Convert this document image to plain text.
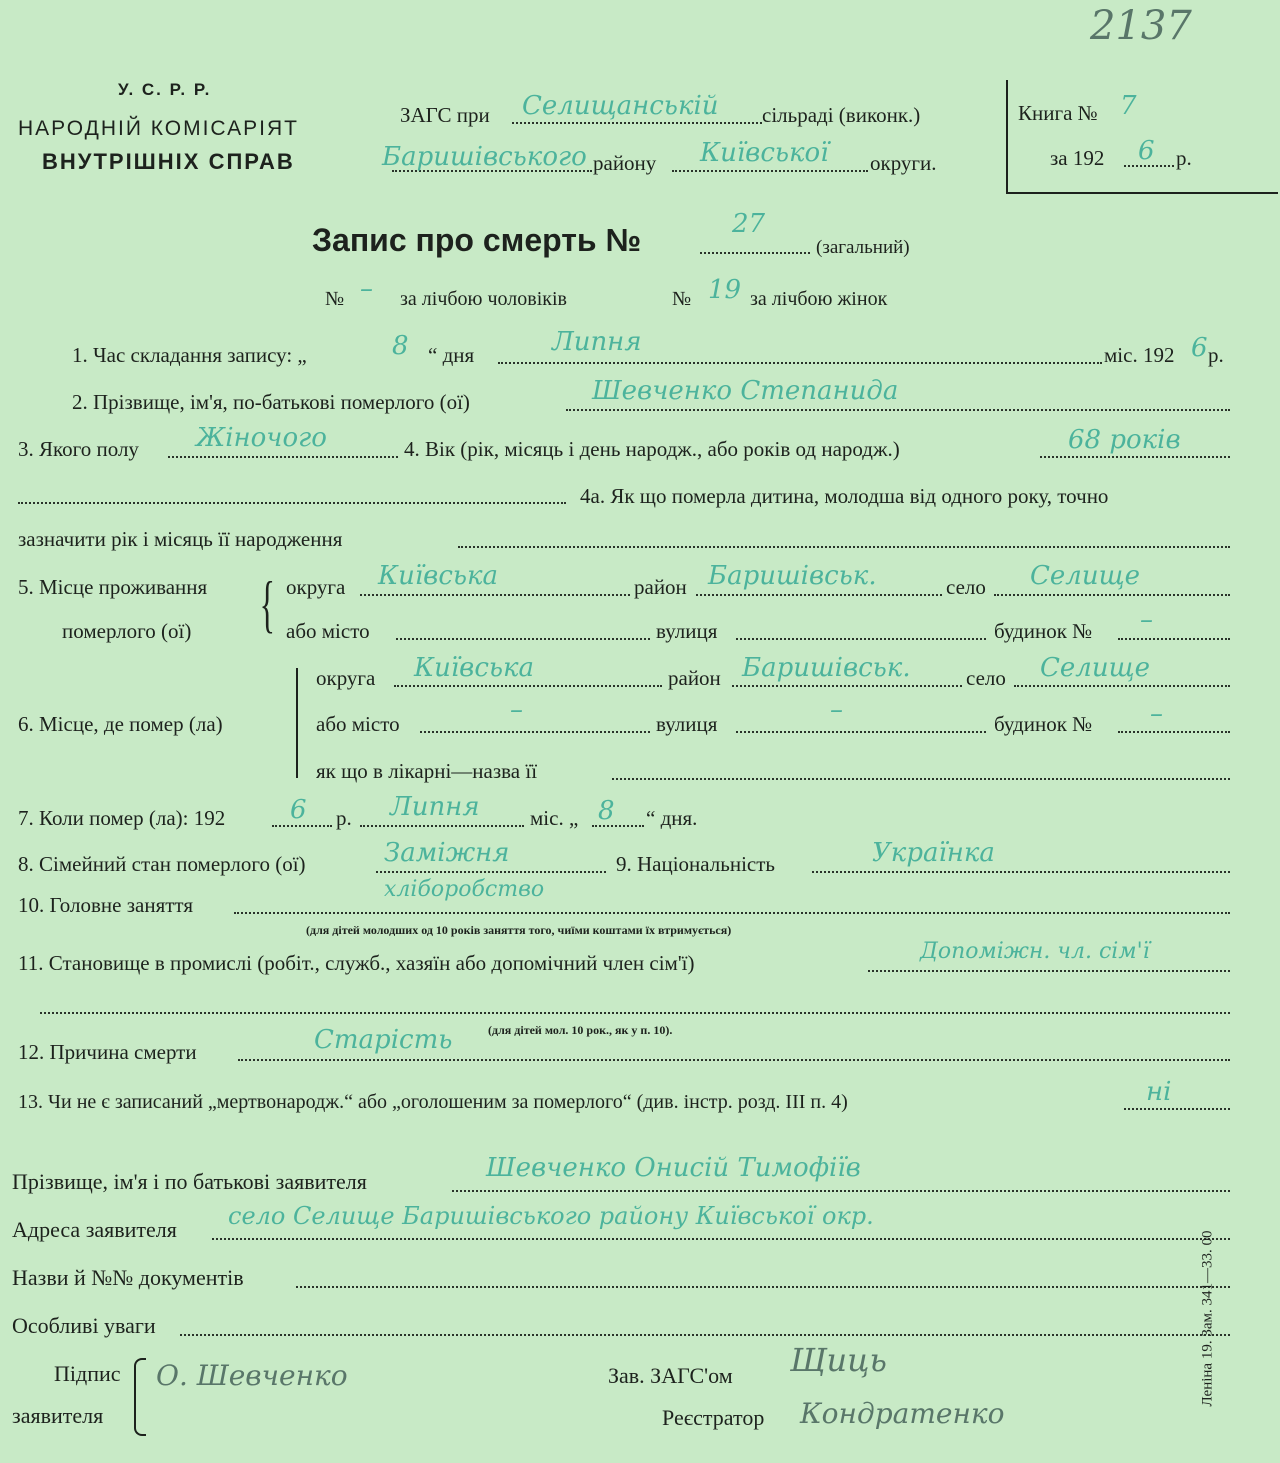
2137
У. С. Р. Р.
НАРОДНІЙ КОМІСАРІЯТ
ВНУТРІШНІХ СПРАВ
ЗАГС при Селищанській сільраді (виконк.)
Баришівського району Київської округи.
Книга № 7
за 192 6 р.
Запис про смерть №	27
(загальний)
№ – за лічбою чоловіків	№ 19 за лічбою жінок
1. Час складання запису: „	8 “ дня	Липня	міс. 192 6 р.
2. Прізвище, ім'я, по-батькові померлого (ої)	Шевченко Степанида
3. Якого полу Жіночого	4. Вік (рік, місяць і день народж., або років од народж.)	68 років
4а. Як що померла дитина, молодша від одного року, точно
зазначити рік і місяць її народження
5. Місце проживання
померлого (ої) { округа Київська	район Баришівськ.	село Селище
або місто	вулиця	будинок № –
6. Місце, де помер (ла)
округа Київська	район Баришівськ.	село Селище
або місто	–	вулиця	–	будинок № –
як що в лікарні—назва її
7. Коли помер (ла): 192 6 р. Липня міс. „ 8 “ дня.
8. Сімейний стан померлого (ої)	Заміжня	9. Національність	Українка
10. Головне заняття
хліборобство
(для дітей молодших од 10 років заняття того, чиїми коштами їх втримується)
11. Становище в промислі (робіт., служб., хазяїн або допомічний член сім'ї)	Допоміжн. чл. сім'ї
(для дітей мол. 10 рок., як у п. 10).
12. Причина смерти	Старість
13. Чи не є записаний „мертвонародж.“ або „оголошеним за померлого“ (див. інстр. розд. III п. 4)	ні
Прізвище, ім'я і по батькові заявителя	Шевченко Онисій Тимофіїв
Адреса заявителя село Селище Баришівського району Київської окр.
Назви й №№ документів
Особливі уваги
Підпис
заявителя
О. Шевченко	Зав. ЗАГС'ом Щиць
Реєстратор Кондратенко
Ленінa 19. Зам. 341—33. 00
